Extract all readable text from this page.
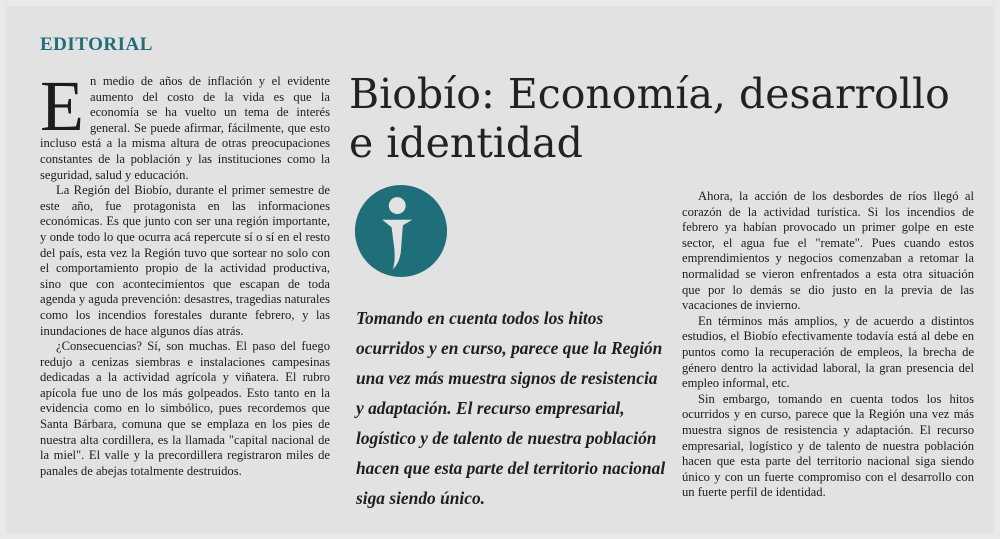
EDITORIAL

En medio de años de inflación y el evidente aumento del costo de la vida es que la economía se ha vuelto un tema de interés general. Se puede afirmar, fácilmente, que esto incluso está a la misma altura de otras preocupaciones constantes de la población y las instituciones como la seguridad, salud y educación.

La Región del Biobío, durante el primer semestre de este año, fue protagonista en las informaciones económicas. Es que junto con ser una región importante, y onde todo lo que ocurra acá repercute sí o sí en el resto del país, esta vez la Región tuvo que sortear no solo con el comportamiento propio de la actividad productiva, sino que con acontecimientos que escapan de toda agenda y aguda prevención: desastres, tragedias naturales como los incendios forestales durante febrero, y las inundaciones de hace algunos días atrás.

¿Consecuencias? Sí, son muchas. El paso del fuego redujo a cenizas siembras e instalaciones campesinas dedicadas a la actividad agrícola y viñatera. El rubro apícola fue uno de los más golpeados. Esto tanto en la evidencia como en lo simbólico, pues recordemos que Santa Bárbara, comuna que se emplaza en los pies de nuestra alta cordillera, es la llamada "capital nacional de la miel". El valle y la precordillera registraron miles de panales de abejas totalmente destruidos.

Biobío: Economía, desarrollo e identidad
Tomando en cuenta todos los hitos ocurridos y en curso, parece que la Región una vez más muestra signos de resistencia y adaptación. El recurso empresarial, logístico y de talento de nuestra población hacen que esta parte del territorio nacional siga siendo único.

Ahora, la acción de los desbordes de ríos llegó al corazón de la actividad turística. Si los incendios de febrero ya habían provocado un primer golpe en este sector, el agua fue el "remate". Pues cuando estos emprendimientos y negocios comenzaban a retomar la normalidad se vieron enfrentados a esta otra situación que por lo demás se dio justo en la previa de las vacaciones de invierno.

En términos más amplios, y de acuerdo a distintos estudios, el Biobío efectivamente todavía está al debe en puntos como la recuperación de empleos, la brecha de género dentro la actividad laboral, la gran presencia del empleo informal, etc.

Sin embargo, tomando en cuenta todos los hitos ocurridos y en curso, parece que la Región una vez más muestra signos de resistencia y adaptación. El recurso empresarial, logístico y de talento de nuestra población hacen que esta parte del territorio nacional siga siendo único y con un fuerte compromiso con el desarrollo con un fuerte perfil de identidad.
